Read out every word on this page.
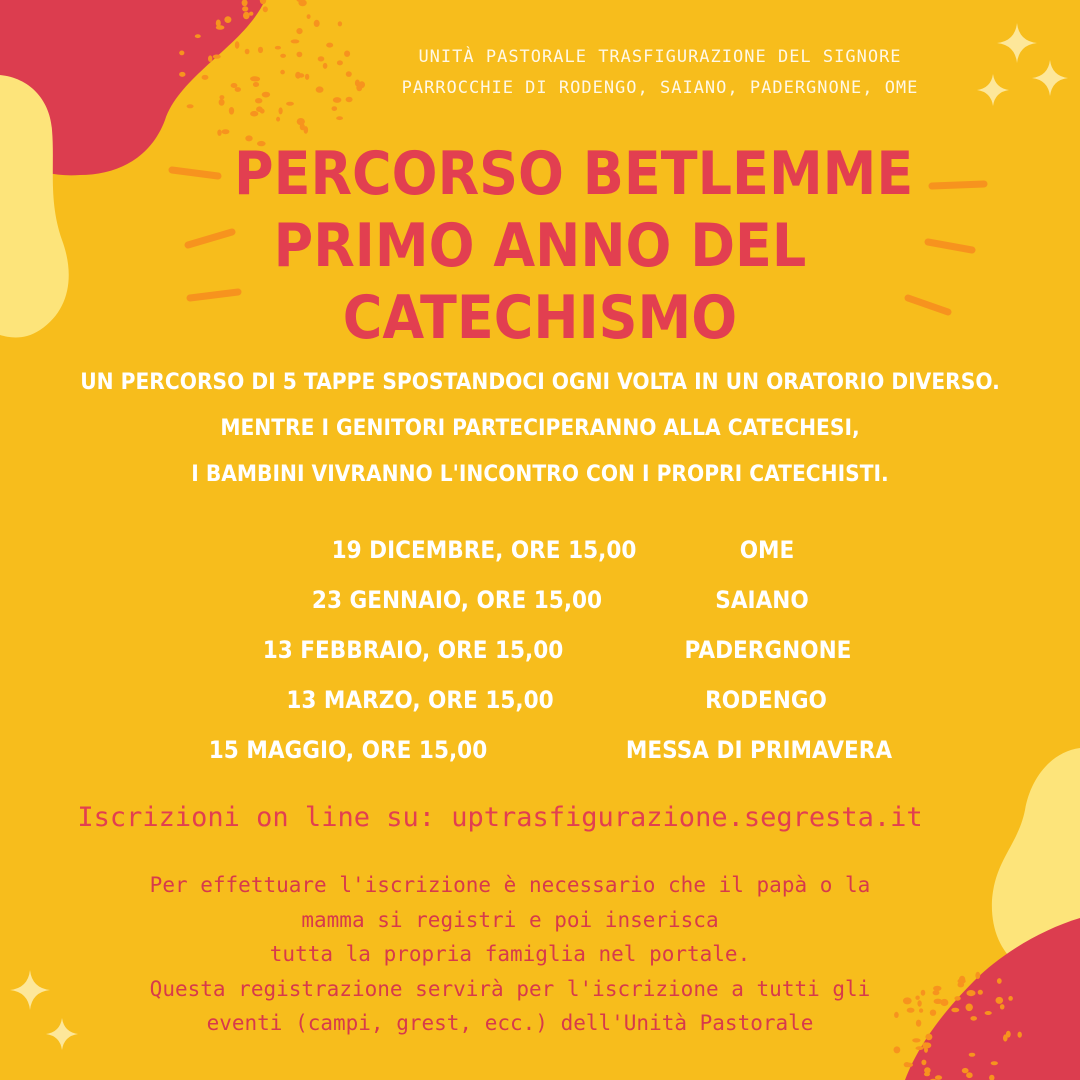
UNITÀ PASTORALE TRASFIGURAZIONE DEL SIGNORE
PARROCCHIE DI RODENGO, SAIANO, PADERGNONE, OME
PERCORSO BETLEMME
PRIMO ANNO DEL
CATECHISMO
UN PERCORSO DI 5 TAPPE SPOSTANDOCI OGNI VOLTA IN UN ORATORIO DIVERSO.
MENTRE I GENITORI PARTECIPERANNO ALLA CATECHESI,
I BAMBINI VIVRANNO L'INCONTRO CON I PROPRI CATECHISTI.
19 DICEMBRE, ORE 15,00	OME
23 GENNAIO, ORE 15,00	SAIANO
13 FEBBRAIO, ORE 15,00	PADERGNONE
13 MARZO, ORE 15,00	RODENGO
15 MAGGIO, ORE 15,00	MESSA DI PRIMAVERA
Iscrizioni on line su: uptrasfigurazione.segresta.it
Per effettuare l'iscrizione è necessario che il papà o la
mamma si registri e poi inserisca
tutta la propria famiglia nel portale.
Questa registrazione servirà per l'iscrizione a tutti gli
eventi (campi, grest, ecc.) dell'Unità Pastorale
